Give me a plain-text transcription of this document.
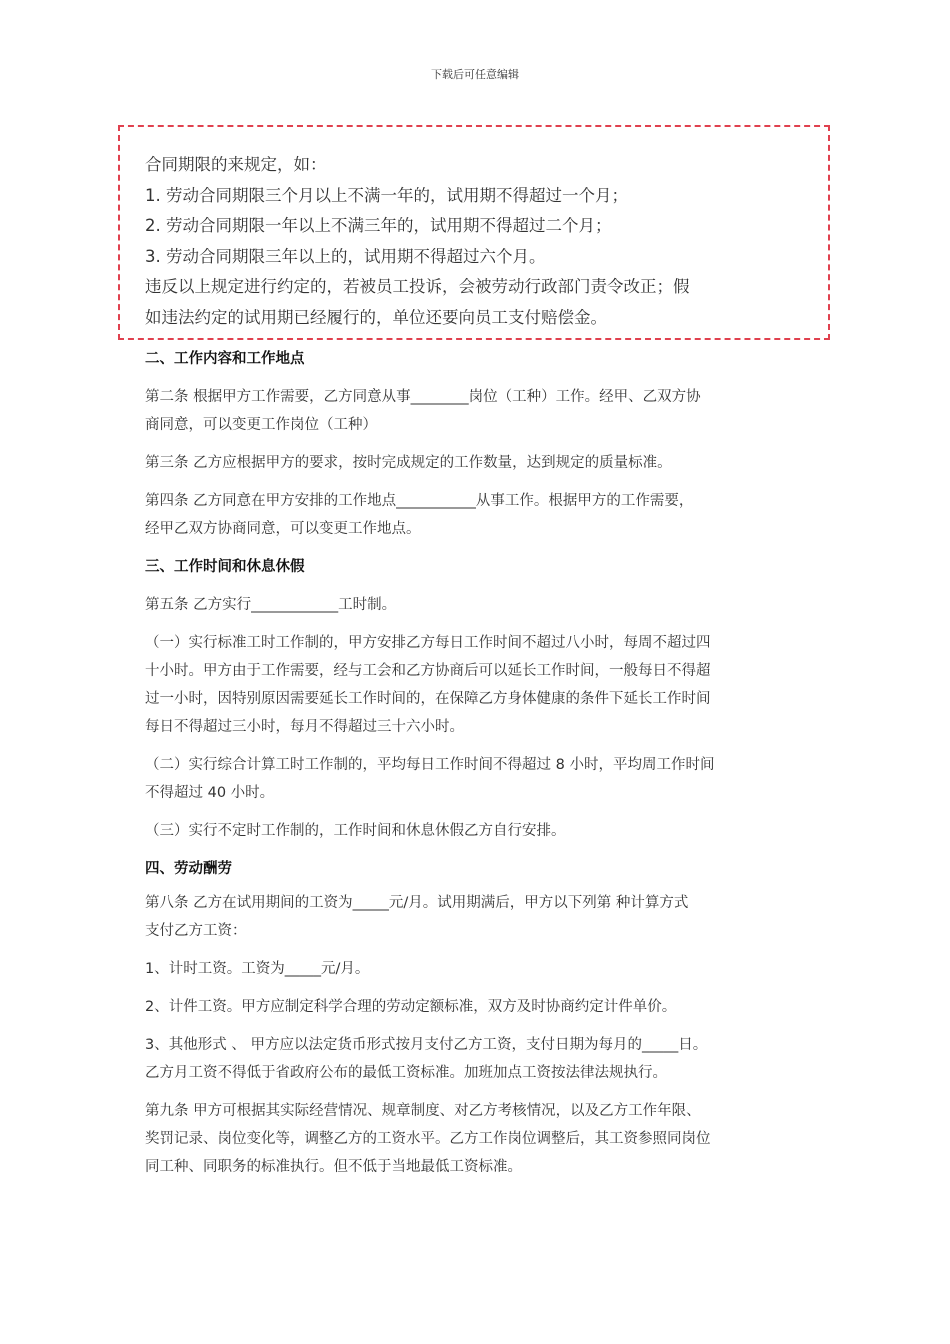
下载后可任意编辑
合同期限的来规定，如：
1. 劳动合同期限三个月以上不满一年的，试用期不得超过一个月；
2. 劳动合同期限一年以上不满三年的，试用期不得超过二个月；
3. 劳动合同期限三年以上的，试用期不得超过六个月。
违反以上规定进行约定的，若被员工投诉，会被劳动行政部门责令改正；假
如违法约定的试用期已经履行的，单位还要向员工支付赔偿金。

二、工作内容和工作地点

第二条 根据甲方工作需要，乙方同意从事________岗位（工种）工作。经甲、乙双方协

商同意，可以变更工作岗位（工种）

第三条 乙方应根据甲方的要求，按时完成规定的工作数量，达到规定的质量标准。

第四条 乙方同意在甲方安排的工作地点___________从事工作。根据甲方的工作需要，

经甲乙双方协商同意，可以变更工作地点。

三、工作时间和休息休假

第五条 乙方实行____________工时制。

（一）实行标准工时工作制的，甲方安排乙方每日工作时间不超过八小时，每周不超过四

十小时。甲方由于工作需要，经与工会和乙方协商后可以延长工作时间，一般每日不得超

过一小时，因特别原因需要延长工作时间的，在保障乙方身体健康的条件下延长工作时间

每日不得超过三小时，每月不得超过三十六小时。

（二）实行综合计算工时工作制的，平均每日工作时间不得超过 8 小时，平均周工作时间

不得超过 40 小时。

（三）实行不定时工作制的，工作时间和休息休假乙方自行安排。

四、劳动酬劳

第八条 乙方在试用期间的工资为_____元/月。试用期满后，甲方以下列第 种计算方式

支付乙方工资：

1、计时工资。工资为_____元/月。

2、计件工资。甲方应制定科学合理的劳动定额标准，双方及时协商约定计件单价。

3、其他形式 、 甲方应以法定货币形式按月支付乙方工资，支付日期为每月的_____日。

乙方月工资不得低于省政府公布的最低工资标准。加班加点工资按法律法规执行。

第九条 甲方可根据其实际经营情况、规章制度、对乙方考核情况，以及乙方工作年限、

奖罚记录、岗位变化等，调整乙方的工资水平。乙方工作岗位调整后，其工资参照同岗位

同工种、同职务的标准执行。但不低于当地最低工资标准。
